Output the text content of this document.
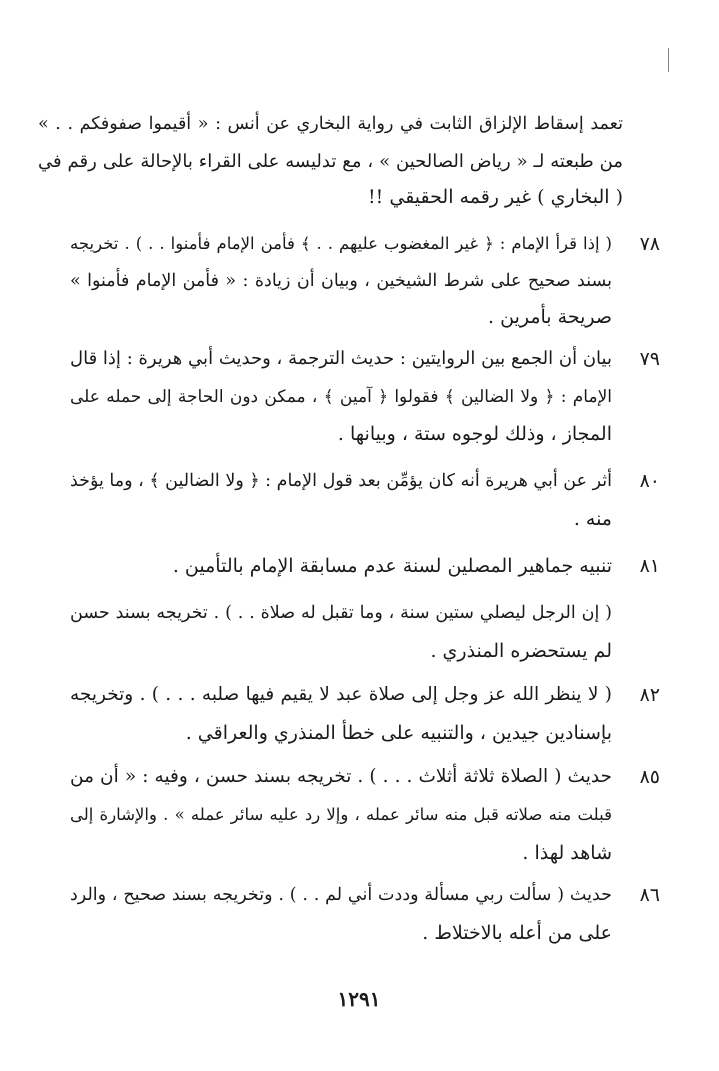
تعمد إسقاط الإلزاق الثابت في رواية البخاري عن أنس : « أقيموا صفوفكم . . »
من طبعته لـ « رياض الصالحين » ، مع تدليسه على القراء بالإحالة على رقم في
( البخاري ) غير رقمه الحقيقي !!
٧٨
( إذا قرأ الإمام : ﴿ غير المغضوب عليهم . . ﴾ فأمن الإمام فأمنوا . . ) . تخريجه
بسند صحيح على شرط الشيخين ، وبيان أن زيادة : « فأمن الإمام فأمنوا »
صريحة بأمرين .
٧٩
بيان أن الجمع بين الروايتين : حديث الترجمة ، وحديث أبي هريرة : إذا قال
الإمام : ﴿ ولا الضالين ﴾ فقولوا ﴿ آمين ﴾ ، ممكن دون الحاجة إلى حمله على
المجاز ، وذلك لوجوه ستة ، وبيانها .
٨٠
أثر عن أبي هريرة أنه كان يؤمِّن بعد قول الإمام : ﴿ ولا الضالين ﴾ ، وما يؤخذ
منه .
٨١
تنبيه جماهير المصلين لسنة عدم مسابقة الإمام بالتأمين .
( إن الرجل ليصلي ستين سنة ، وما تقبل له صلاة . . ) . تخريجه بسند حسن
لم يستحضره المنذري .
٨٢
( لا ينظر الله عز وجل إلى صلاة عبد لا يقيم فيها صلبه . . . ) . وتخريجه
بإسنادين جيدين ، والتنبيه على خطأ المنذري والعراقي .
٨٥
حديث ( الصلاة ثلاثة أثلاث . . . ) . تخريجه بسند حسن ، وفيه : « أن من
قبلت منه صلاته قبل منه سائر عمله ، وإلا رد عليه سائر عمله » . والإشارة إلى
شاهد لهذا .
٨٦
حديث ( سألت ربي مسألة وددت أني لم . . ) . وتخريجه بسند صحيح ، والرد
على من أعله بالاختلاط .
١٢٩١
